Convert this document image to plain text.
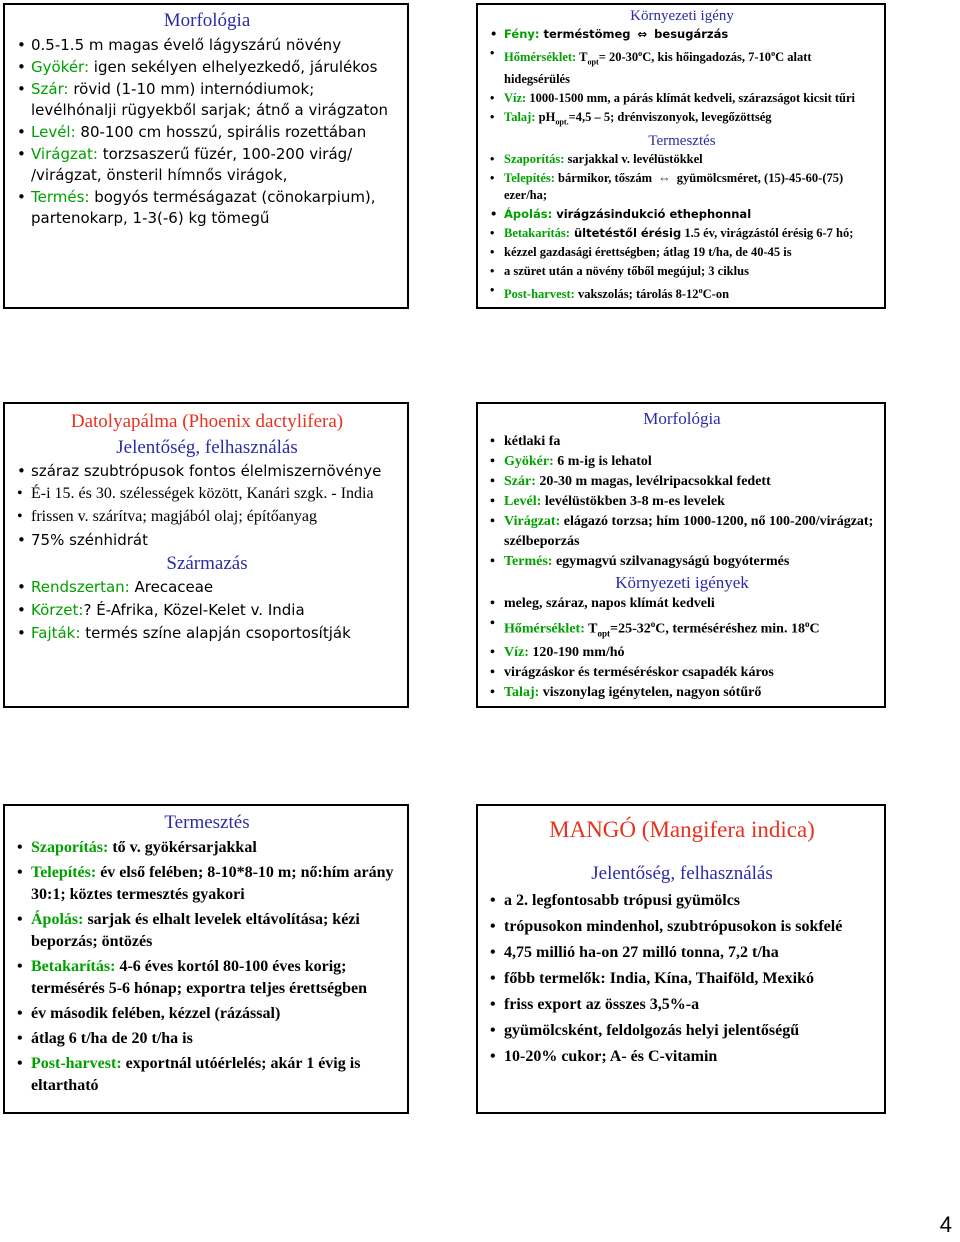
Morfológia
• 0.5-1.5 m magas évelő lágyszárú növény
• Gyökér: igen sekélyen elhelyezkedő, járulékos
• Szár: rövid (1-10 mm) internódiumok; levélhónalji rügyekből sarjak; átnő a virágzaton
• Levél: 80-100 cm hosszú, spirális rozettában
• Virágzat: torzsaszerű füzér, 100-200 virág/ /virágzat, önsteril hímnős virágok,
• Termés: bogyós terméságazat (cönokarpium), partenokarp, 1-3(-6) kg tömegű
Környezeti igény
• Fény: terméstömeg ⇔ besugárzás
• Hőmérséklet: $T_{opt}= 20-30^oC$, kis hőingadozás, 7-10$^o$C alatt hidegsérülés
• Víz: 1000-1500 mm, a párás klímát kedveli, szárazságot kicsit tűri
• Talaj: $pH_{opt.}=4,5 - 5$; drénviszonyok, levegőzöttség
Termesztés
• Szaporítás: sarjakkal v. levélüstökkel
• Telepítés: bármikor, tőszám ⇔ gyümölcsméret, (15)-45-60-(75) ezer/ha;
• Ápolás: virágzásindukció ethephonnal
• Betakarítás: ültetéstől érésig 1.5 év, virágzástól érésig 6-7 hó;
• kézzel gazdasági érettségben; átlag 19 t/ha, de 40-45 is
• a szüret után a növény tőből megújul; 3 ciklus
• Post-harvest: vakszolás; tárolás 8-12$^o$C-on
Datolyapálma (Phoenix dactylifera)
Jelentőség, felhasználás
• száraz szubtrópusok fontos élelmiszernövénye
• É-i 15. és 30. szélességek között, Kanári szgk. - India
• frissen v. szárítva; magjából olaj; építőanyag
• 75% szénhidrát
Származás
• Rendszertan: Arecaceae
• Körzet:? É-Afrika, Közel-Kelet v. India
• Fajták: termés színe alapján csoportosítják
Morfológia
• kétlaki fa
• Gyökér: 6 m-ig is lehatol
• Szár: 20-30 m magas, levélripacsokkal fedett
• Levél: levélüstökben 3-8 m-es levelek
• Virágzat: elágazó torzsa; hím 1000-1200, nő 100-200/virágzat; szélbeporzás
• Termés: egymagvú szilvanagyságú bogyótermés
Környezeti igények
• meleg, száraz, napos klímát kedveli
• Hőmérséklet: $T_{opt}=25-32^oC$, terméséréshez min. 18$^o$C
• Víz: 120-190 mm/hó
• virágzáskor és terméséréskor csapadék káros
• Talaj: viszonylag igénytelen, nagyon sótűrő
Termesztés
• Szaporítás: tő v. gyökérsarjakkal
• Telepítés: év első felében; 8-10*8-10 m; nő:hím arány 30:1; köztes termesztés gyakori
• Ápolás: sarjak és elhalt levelek eltávolítása; kézi beporzás; öntözés
• Betakarítás: 4-6 éves kortól 80-100 éves korig; termésérés 5-6 hónap; exportra teljes érettségben
• év második felében, kézzel (rázással)
• átlag 6 t/ha de 20 t/ha is
• Post-harvest: exportnál utóérlelés; akár 1 évig is eltartható
MANGÓ (Mangifera indica)
Jelentőség, felhasználás
• a 2. legfontosabb trópusi gyümölcs
• trópusokon mindenhol, szubtrópusokon is sokfelé
• 4,75 millió ha-on 27 milló tonna, 7,2 t/ha
• főbb termelők: India, Kína, Thaiföld, Mexikó
• friss export az összes 3,5%-a
• gyümölcsként, feldolgozás helyi jelentőségű
• 10-20% cukor; A- és C-vitamin
4
